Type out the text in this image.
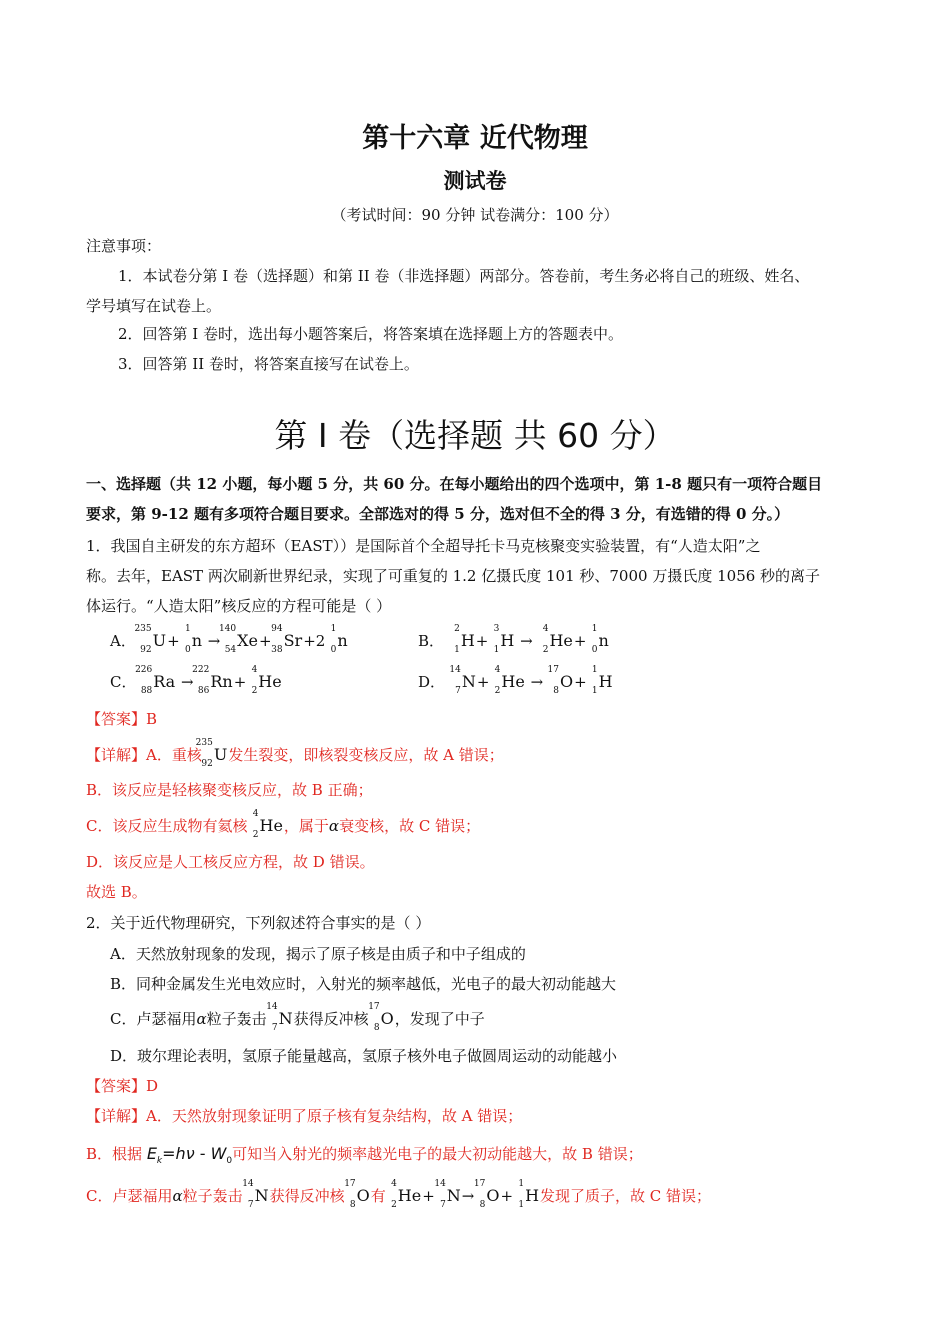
第十六章 近代物理
测试卷
（考试时间：90 分钟 试卷满分：100 分）
注意事项：
1．本试卷分第 I 卷（选择题）和第 II 卷（非选择题）两部分。答卷前，考生务必将自己的班级、姓名、
学号填写在试卷上。
2．回答第 I 卷时，选出每小题答案后，将答案填在选择题上方的答题表中。
3．回答第 II 卷时，将答案直接写在试卷上。
第 I 卷（选择题 共 60 分）
一、选择题（共 12 小题，每小题 5 分，共 60 分。在每小题给出的四个选项中，第 1-8 题只有一项符合题目
要求，第 9-12 题有多项符合题目要求。全部选对的得 5 分，选对但不全的得 3 分，有选错的得 0 分。）
1．我国自主研发的东方超环（EAST））是国际首个全超导托卡马克核聚变实验装置，有“人造太阳”之
称。去年，EAST 两次刷新世界纪录，实现了可重复的 1.2 亿摄氏度 101 秒、7000 万摄氏度 1056 秒的离子
体运行。“人造太阳”核反应的方程可能是（ ）
A．
235
92 U+
1
0 n →
140
54 Xe+
94
38 Sr+2
1
0 n	B．
2
1 H+
3
1 H →
4
2 He+
1
0 n
C．
226
88 Ra →
222
86 Rn+
4
2 He	D．
14
7 N+
4
2 He →
17
8 O+
1
1 H
【答案】B
【详解】A．重核
235
92 U发生裂变，即核裂变核反应，故 A 错误；
B．该反应是轻核聚变核反应，故 B 正确；
C．该反应生成物有氦核
4
2 He，属于α衰变核，故 C 错误；
D．该反应是人工核反应方程，故 D 错误。
故选 B。
2．关于近代物理研究，下列叙述符合事实的是（ ）
A．天然放射现象的发现，揭示了原子核是由质子和中子组成的
B．同种金属发生光电效应时，入射光的频率越低，光电子的最大初动能越大
C．卢瑟福用α粒子轰击
14
7 N获得反冲核
17
8 O，发现了中子
D．玻尔理论表明，氢原子能量越高，氢原子核外电子做圆周运动的动能越小
【答案】D
【详解】A．天然放射现象证明了原子核有复杂结构，故 A 错误；
B．根据 $E_k=h\nu - W_0$可知当入射光的频率越光电子的最大初动能越大，故 B 错误；
C．卢瑟福用α粒子轰击
14
7 N获得反冲核
17
8 O有
4
2 He+
14
7 N→
17
8 O+
1
1 H发现了质子，故 C 错误；
